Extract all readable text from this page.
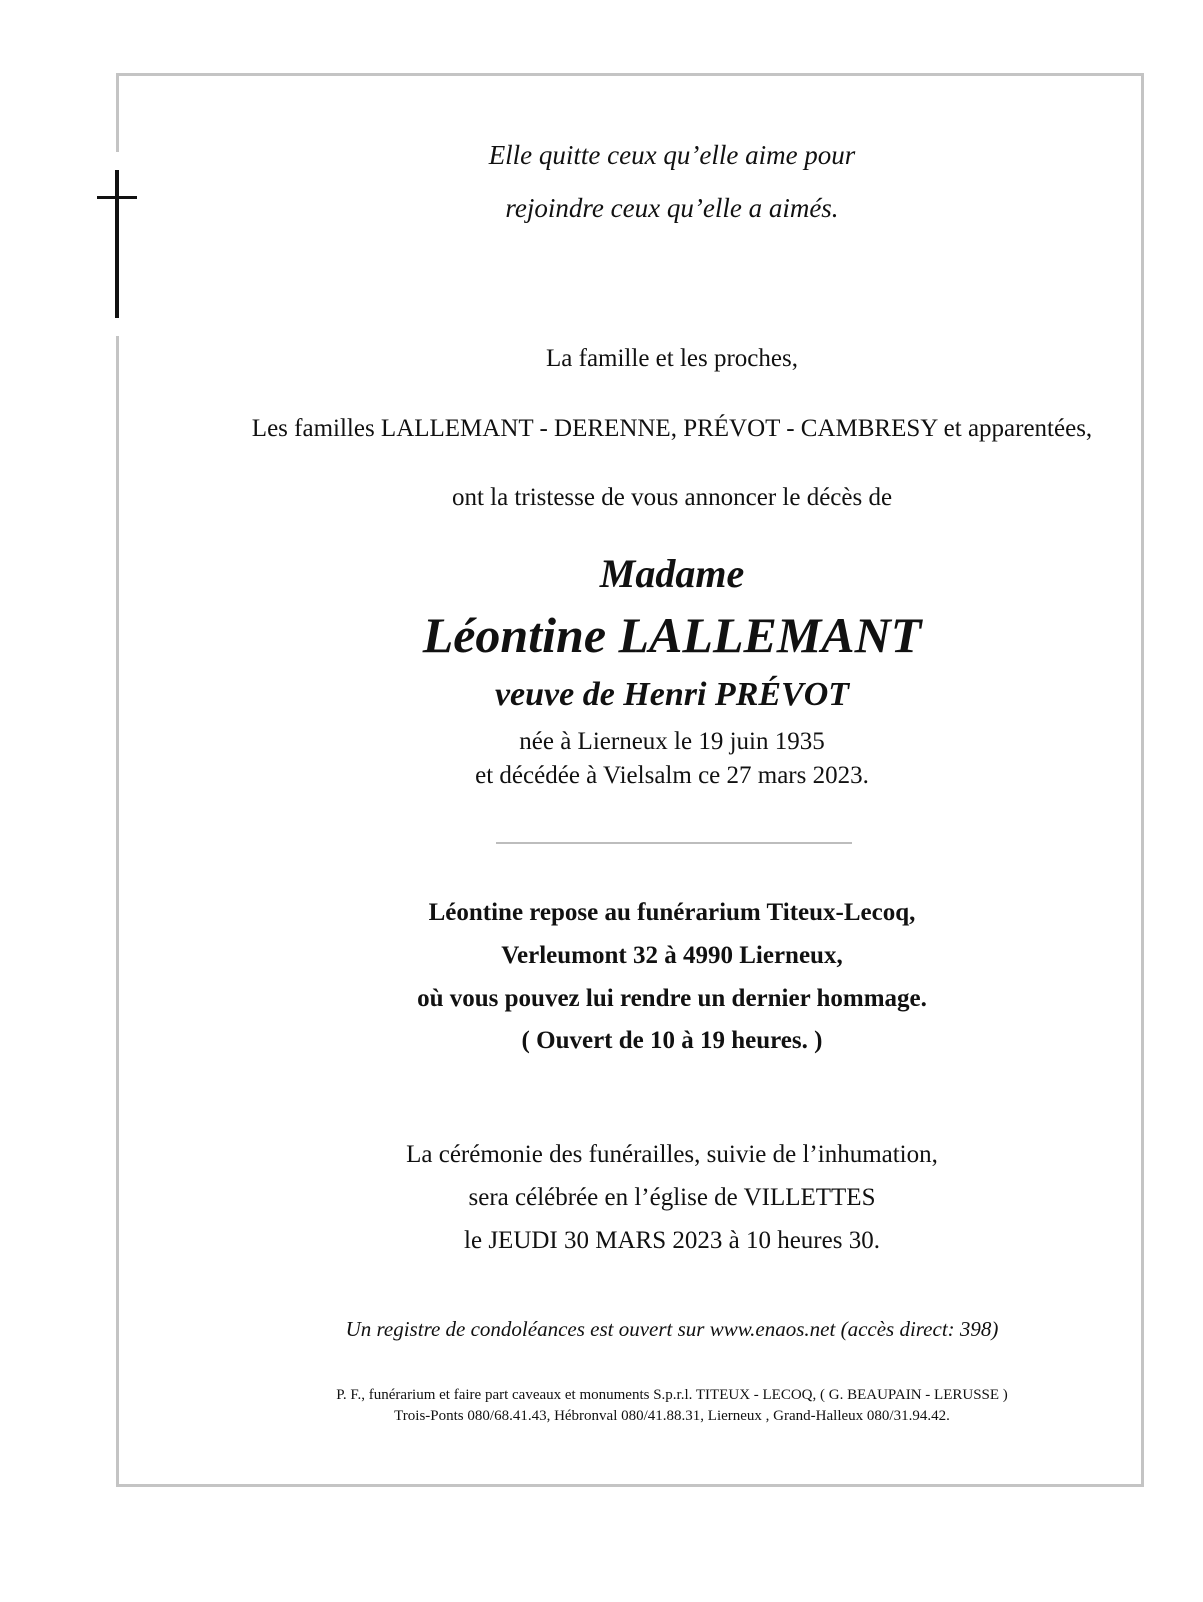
Elle quitte ceux qu’elle aime pour
rejoindre ceux qu’elle a aimés.
La famille et les proches,
Les familles LALLEMANT - DERENNE, PRÉVOT - CAMBRESY et apparentées,
ont la tristesse de vous annoncer le décès de
Madame
Léontine LALLEMANT
veuve de Henri PRÉVOT
née à Lierneux le 19 juin 1935
et décédée à Vielsalm ce 27 mars 2023.
Léontine repose au funérarium Titeux-Lecoq,
Verleumont 32 à 4990 Lierneux,
où vous pouvez lui rendre un dernier hommage.
( Ouvert de 10 à 19 heures. )
La cérémonie des funérailles, suivie de l’inhumation,
sera célébrée en l’église de VILLETTES
le JEUDI 30 MARS 2023 à 10 heures 30.
Un registre de condoléances est ouvert sur www.enaos.net (accès direct: 398)
P. F., funérarium et faire part caveaux et monuments S.p.r.l. TITEUX - LECOQ, ( G. BEAUPAIN - LERUSSE )
Trois-Ponts 080/68.41.43, Hébronval 080/41.88.31, Lierneux , Grand-Halleux 080/31.94.42.
